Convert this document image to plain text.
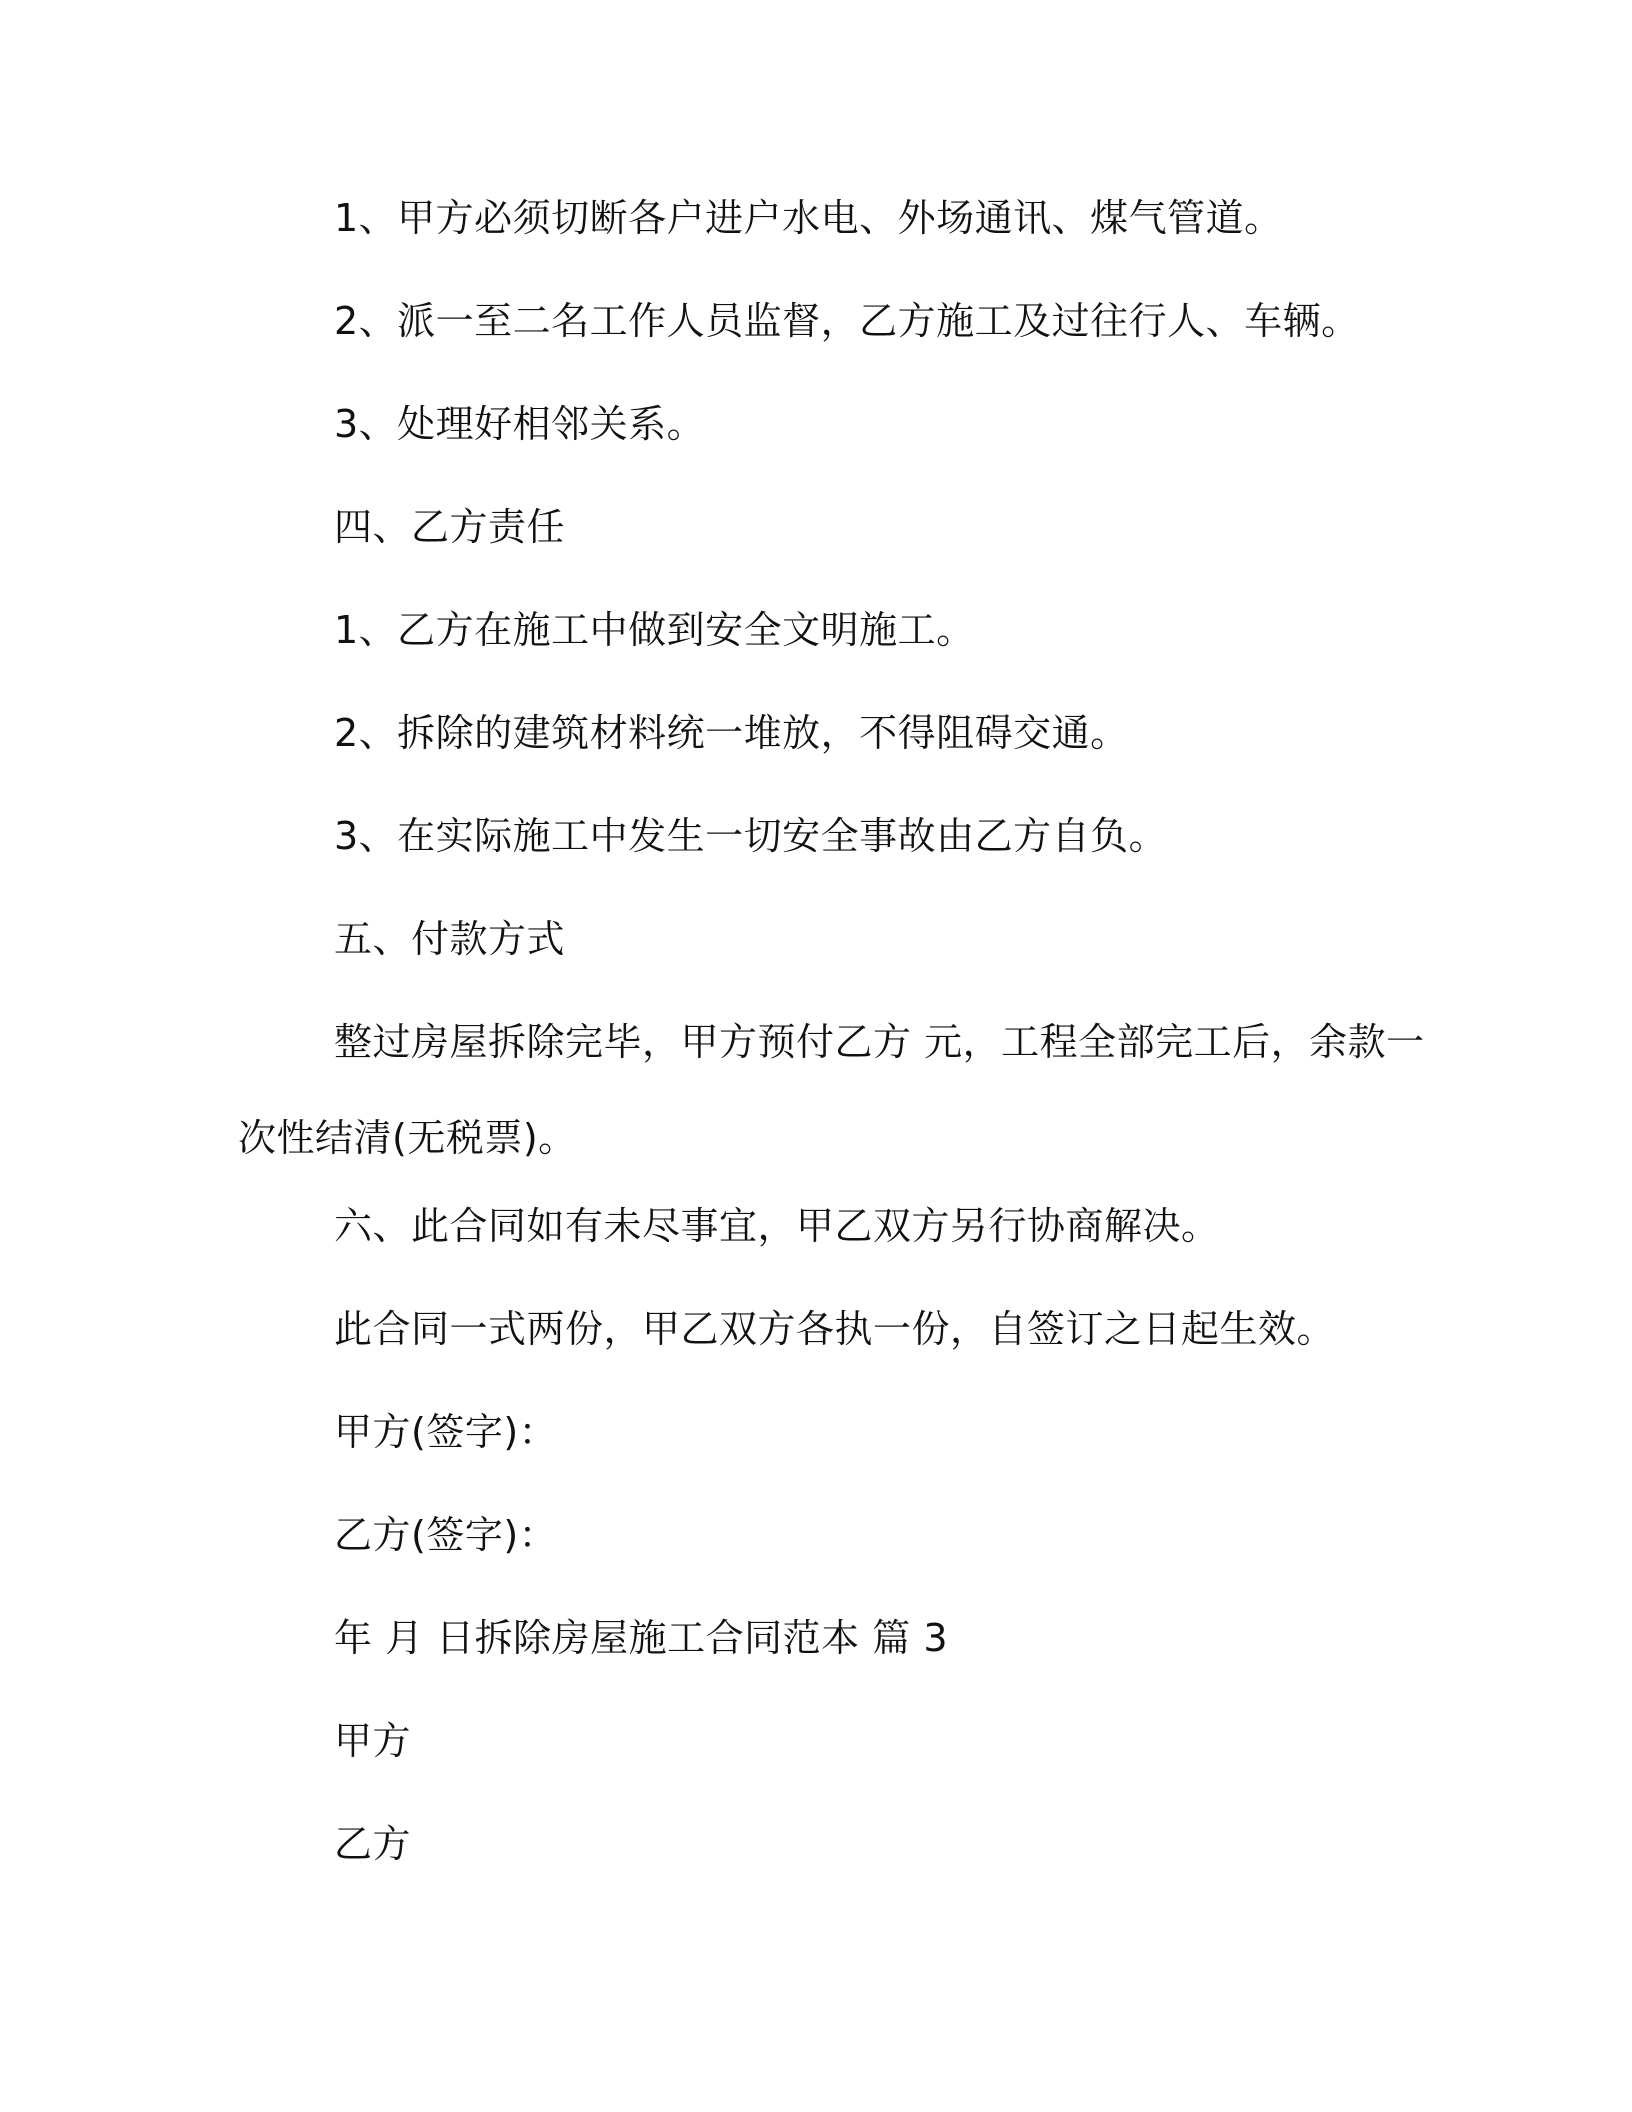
1、甲方必须切断各户进户水电、外场通讯、煤气管道。
2、派一至二名工作人员监督，乙方施工及过往行人、车辆。
3、处理好相邻关系。
四、乙方责任
1、乙方在施工中做到安全文明施工。
2、拆除的建筑材料统一堆放，不得阻碍交通。
3、在实际施工中发生一切安全事故由乙方自负。
五、付款方式
整过房屋拆除完毕，甲方预付乙方 元，工程全部完工后，余款一
次性结清(无税票)。
六、此合同如有未尽事宜，甲乙双方另行协商解决。
此合同一式两份，甲乙双方各执一份，自签订之日起生效。
甲方(签字)：
乙方(签字)：
年 月 日拆除房屋施工合同范本 篇 3
甲方
乙方
